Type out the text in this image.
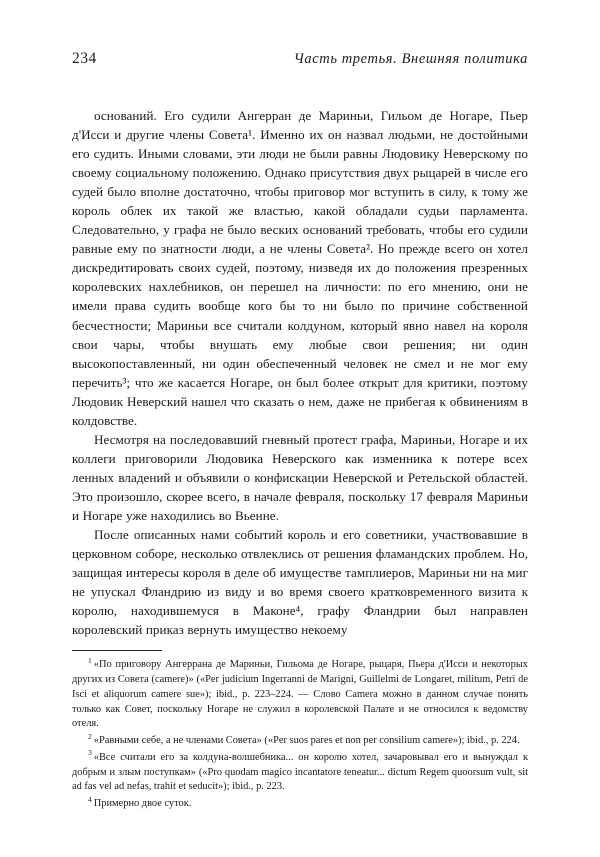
234	Часть третья. Внешняя политика

оснований. Его судили Ангерран де Мариньи, Гильом де Ногаре, Пьер д'Исси и другие члены Совета¹. Именно их он назвал людьми, не достойными его судить. Иными словами, эти люди не были равны Людовику Неверскому по своему социальному положению. Однако присутствия двух рыцарей в числе его судей было вполне достаточно, чтобы приговор мог вступить в силу, к тому же король облек их такой же властью, какой обладали судьи парламента. Следовательно, у графа не было веских оснований требовать, чтобы его судили равные ему по знатности люди, а не члены Совета². Но прежде всего он хотел дискредитировать своих судей, поэтому, низведя их до положения презренных королевских нахлебников, он перешел на личности: по его мнению, они не имели права судить вообще кого бы то ни было по причине собственной бесчестности; Мариньи все считали колдуном, который явно навел на короля свои чары, чтобы внушать ему любые свои решения; ни один высокопоставленный, ни один обеспеченный человек не смел и не мог ему перечить³; что же касается Ногаре, он был более открыт для критики, поэтому Людовик Неверский нашел что сказать о нем, даже не прибегая к обвинениям в колдовстве.

Несмотря на последовавший гневный протест графа, Мариньи, Ногаре и их коллеги приговорили Людовика Неверского как изменника к потере всех ленных владений и объявили о конфискации Неверской и Ретельской областей. Это произошло, скорее всего, в начале февраля, поскольку 17 февраля Мариньи и Ногаре уже находились во Вьенне.

После описанных нами событий король и его советники, участвовавшие в церковном соборе, несколько отвлеклись от решения фламандских проблем. Но, защищая интересы короля в деле об имуществе тамплиеров, Мариньи ни на миг не упускал Фландрию из виду и во время своего кратковременного визита к королю, находившемуся в Маконе⁴, графу Фландрии был направлен королевский приказ вернуть имущество некоему

$^1$ «По приговору Ангеррана де Мариньи, Гильома де Ногаре, рыцаря, Пьера д'Исси и некоторых других из Совета (camere)» («Per judicium Ingerranni de Marigni, Guillelmi de Longaret, militum, Petri de Isci et aliquorum camere sue»); ibid., p. 223–224. — Слово Camera можно в данном случае понять только как Совет, поскольку Ногаре не служил в королевской Палате и не относился к ведомству отеля.

$^2$ «Равными себе, а не членами Совета» («Per suos pares et non per consilium camere»); ibid., p. 224.

$^3$ «Все считали его за колдуна-волшебника... он королю хотел, зачаровывал его и вынуждал к добрым и злым поступкам» («Pro quodam magico incantatore teneatur... dictum Regem quoorsum vult, sit ad fas vel ad nefas, trahit et seducit»); ibid., p. 223.

$^4$ Примерно двое суток.
